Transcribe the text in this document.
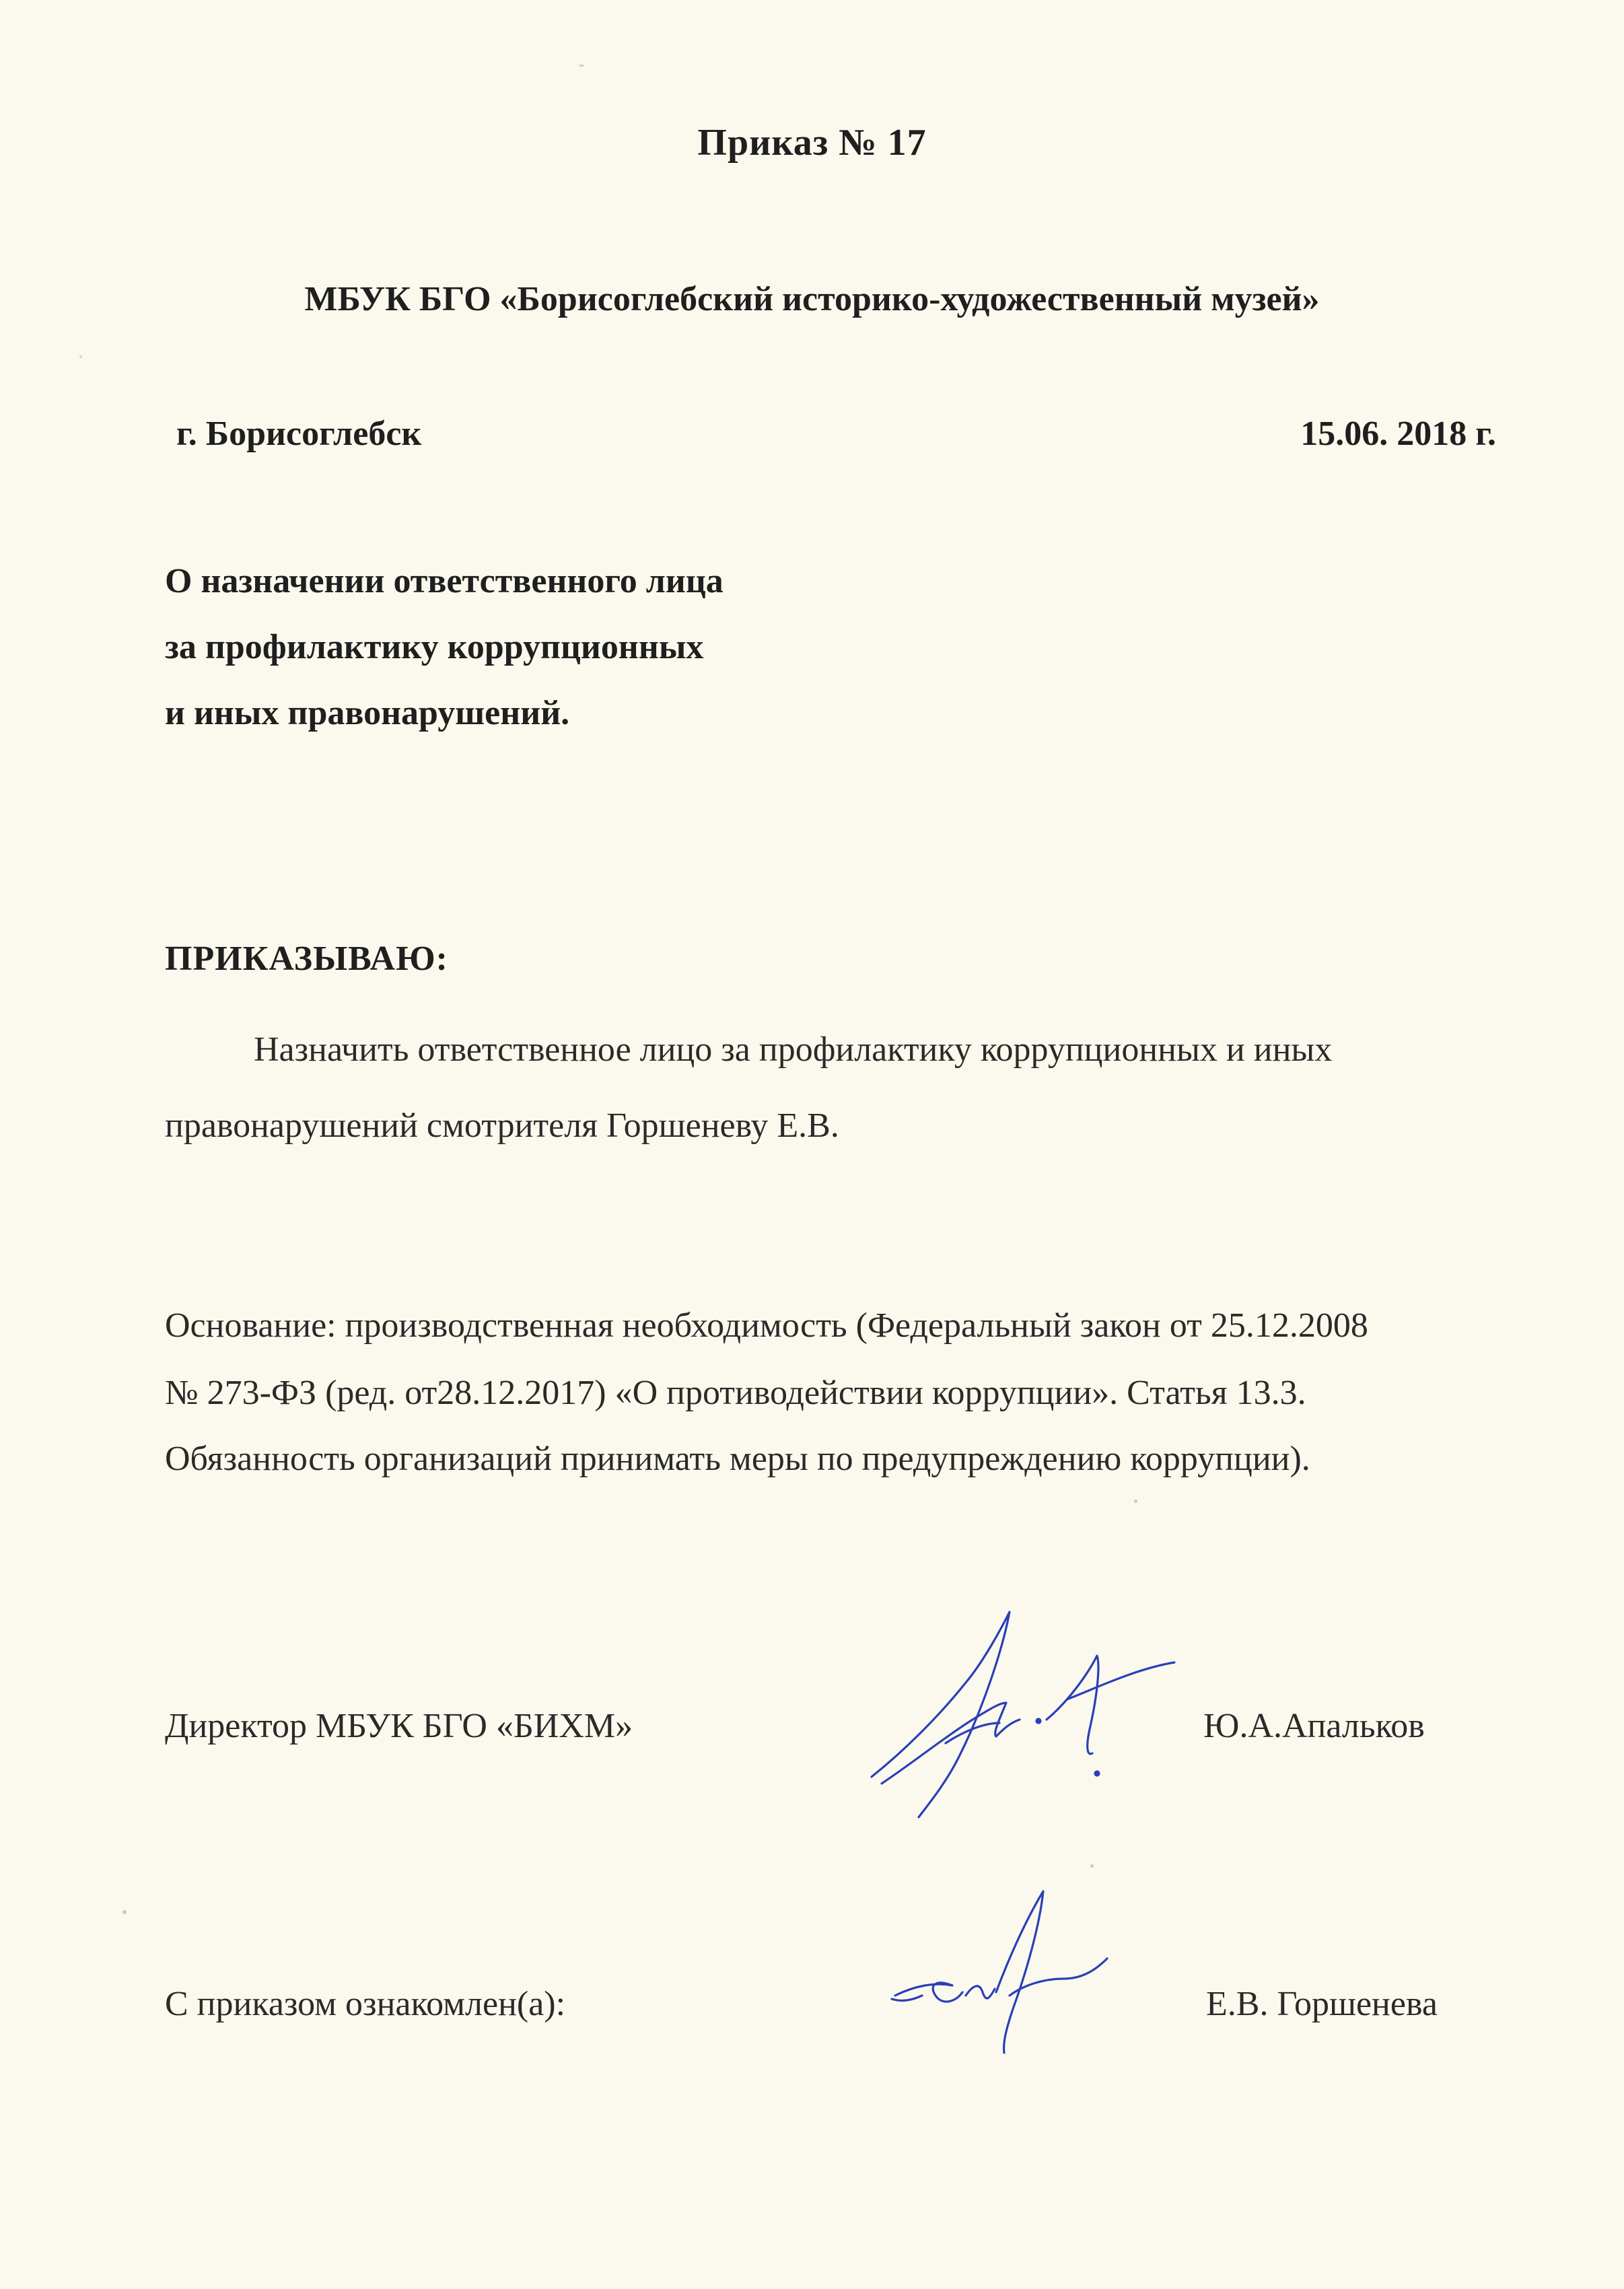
Приказ № 17
МБУК БГО «Борисоглебский историко-художественный музей»
г. Борисоглебск	15.06. 2018 г.
О назначении ответственного лица
за профилактику коррупционных
и иных правонарушений.
ПРИКАЗЫВАЮ:
Назначить ответственное лицо за профилактику коррупционных и иных
правонарушений смотрителя Горшеневу Е.В.
Основание: производственная необходимость (Федеральный закон от 25.12.2008
№ 273-ФЗ (ред. от28.12.2017) «О противодействии коррупции». Статья 13.3.
Обязанность организаций принимать меры по предупреждению коррупции).
Директор МБУК БГО «БИХМ»	Ю.А.Апальков
С приказом ознакомлен(а):	Е.В. Горшенева
